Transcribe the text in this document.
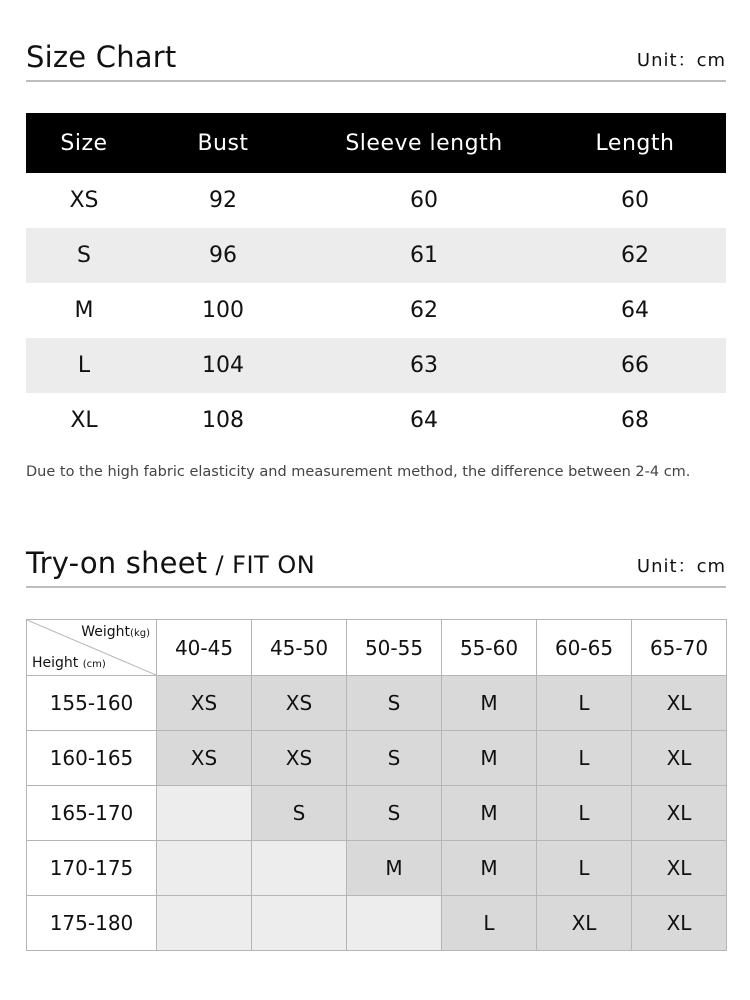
Size Chart	Unit：cm
Size	Bust	Sleeve length	Length
XS	92	60	60
S	96	61	62
M	100	62	64
L	104	63	66
XL	108	64	68
Due to the high fabric elasticity and measurement method, the difference between 2-4 cm.
Try-on sheet / FIT ON	Unit：cm
Weight(kg)
Height (cm)	40-45	45-50	50-55	55-60	60-65	65-70
155-160	XS	XS	S	M	L	XL
160-165	XS	XS	S	M	L	XL
165-170		S	S	M	L	XL
170-175			M	M	L	XL
175-180				L	XL	XL
